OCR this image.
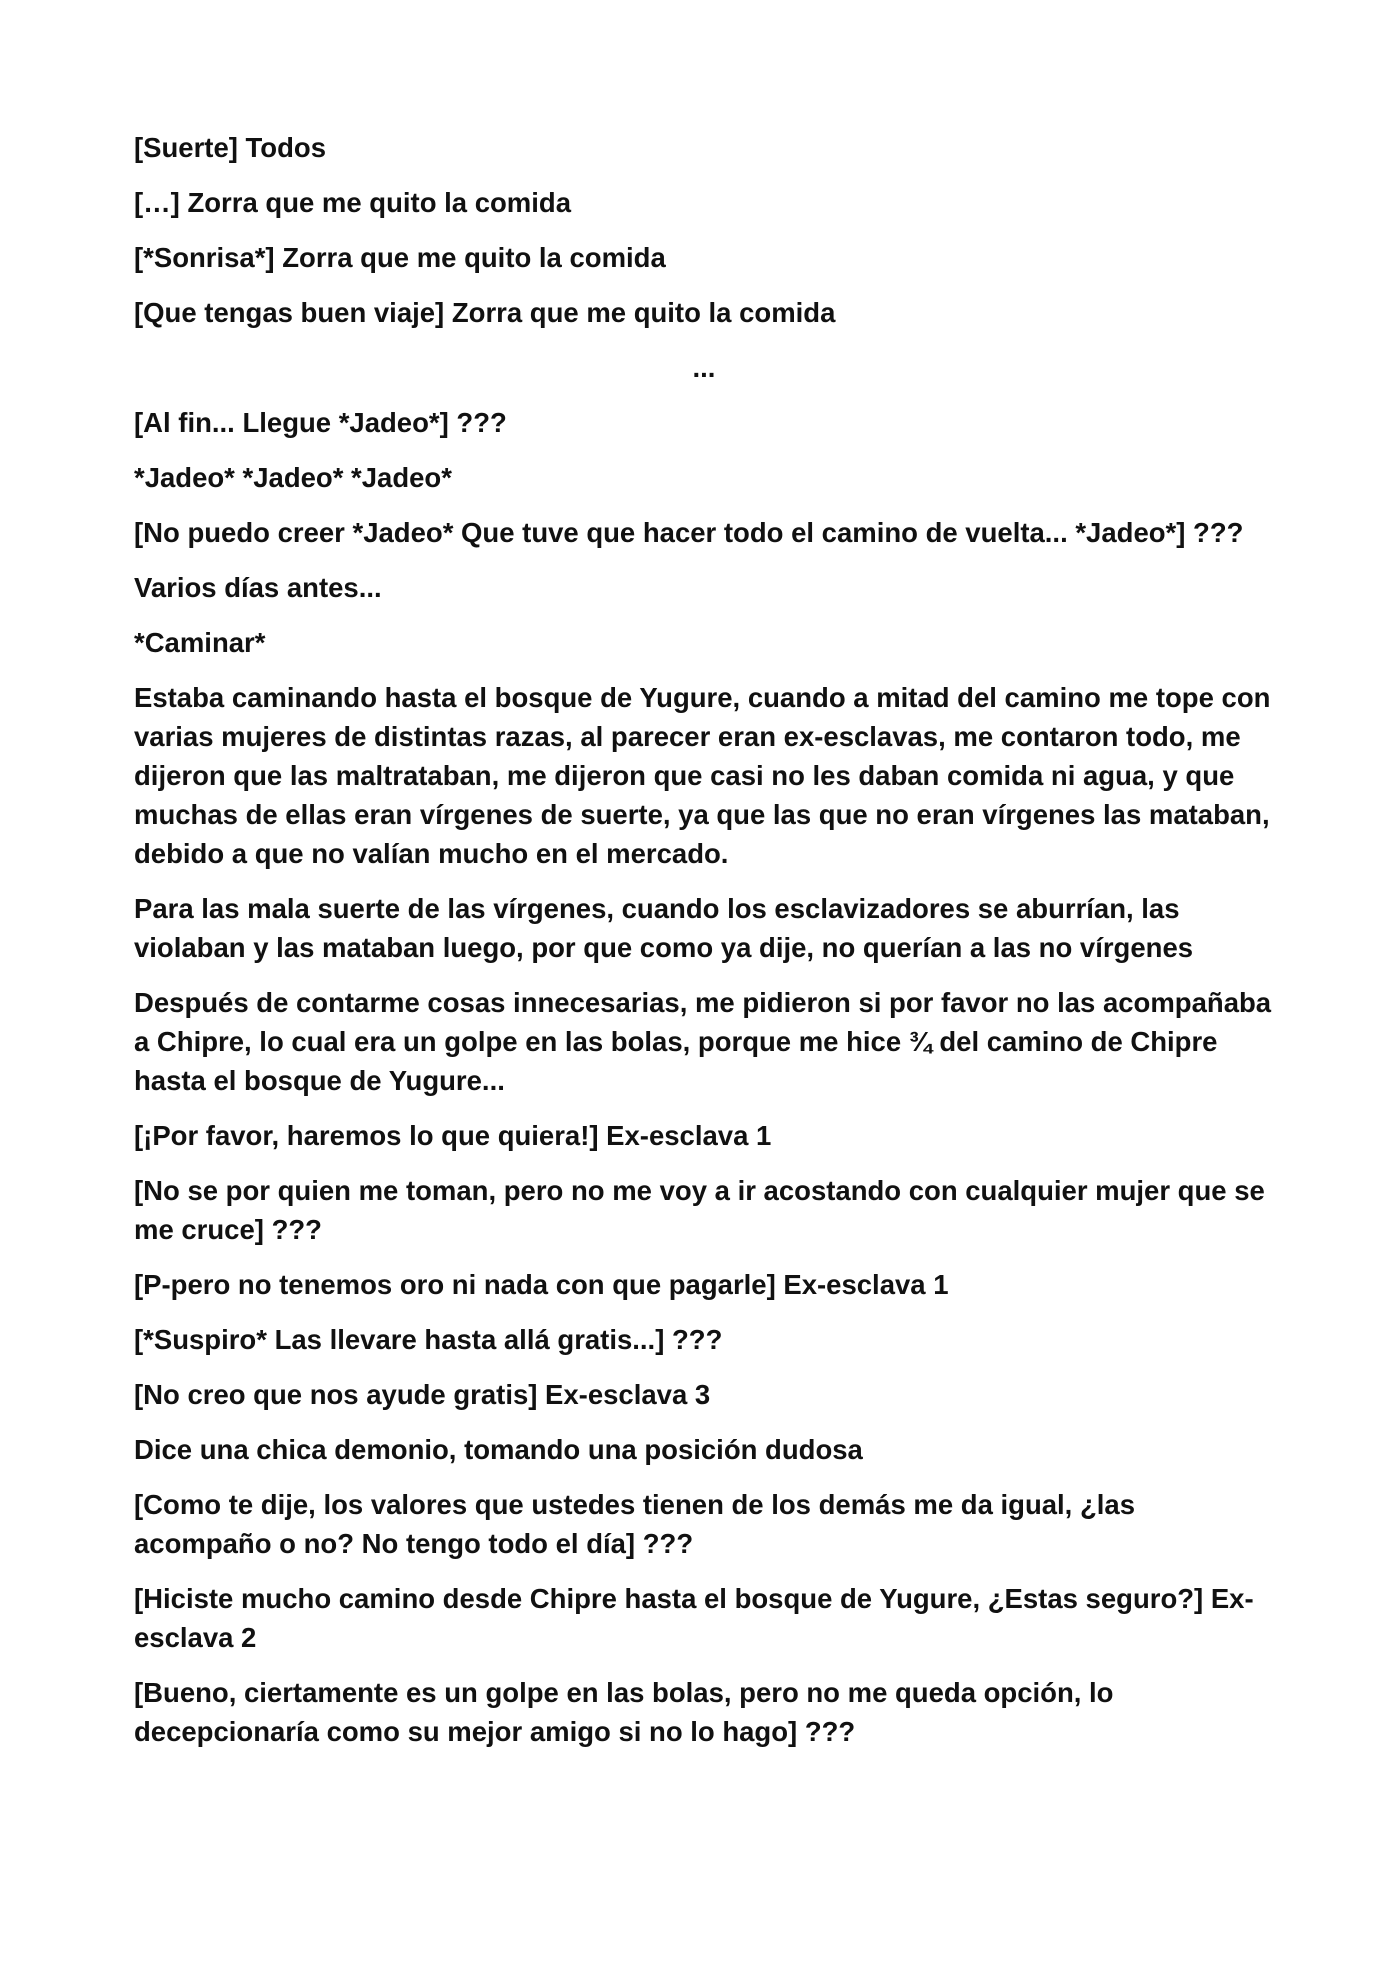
[Suerte] Todos

[…] Zorra que me quito la comida

[*Sonrisa*] Zorra que me quito la comida

[Que tengas buen viaje] Zorra que me quito la comida

...

[Al fin... Llegue *Jadeo*] ???

*Jadeo* *Jadeo* *Jadeo*

[No puedo creer *Jadeo* Que tuve que hacer todo el camino de vuelta... *Jadeo*] ???

Varios días antes...

*Caminar*

Estaba caminando hasta el bosque de Yugure, cuando a mitad del camino me tope con varias mujeres de distintas razas, al parecer eran ex-esclavas, me contaron todo, me dijeron que las maltrataban, me dijeron que casi no les daban comida ni agua, y que muchas de ellas eran vírgenes de suerte, ya que las que no eran vírgenes las mataban, debido a que no valían mucho en el mercado.

Para las mala suerte de las vírgenes, cuando los esclavizadores se aburrían, las violaban y las mataban luego, por que como ya dije, no querían a las no vírgenes

Después de contarme cosas innecesarias, me pidieron si por favor no las acompañaba a Chipre, lo cual era un golpe en las bolas, porque me hice ¾ del camino de Chipre hasta el bosque de Yugure...

[¡Por favor, haremos lo que quiera!] Ex-esclava 1

[No se por quien me toman, pero no me voy a ir acostando con cualquier mujer que se me cruce] ???

[P-pero no tenemos oro ni nada con que pagarle] Ex-esclava 1

[*Suspiro* Las llevare hasta allá gratis...] ???

[No creo que nos ayude gratis] Ex-esclava 3

Dice una chica demonio, tomando una posición dudosa

[Como te dije, los valores que ustedes tienen de los demás me da igual, ¿las acompaño o no? No tengo todo el día] ???

[Hiciste mucho camino desde Chipre hasta el bosque de Yugure, ¿Estas seguro?] Ex-esclava 2

[Bueno, ciertamente es un golpe en las bolas, pero no me queda opción, lo decepcionaría como su mejor amigo si no lo hago] ???
